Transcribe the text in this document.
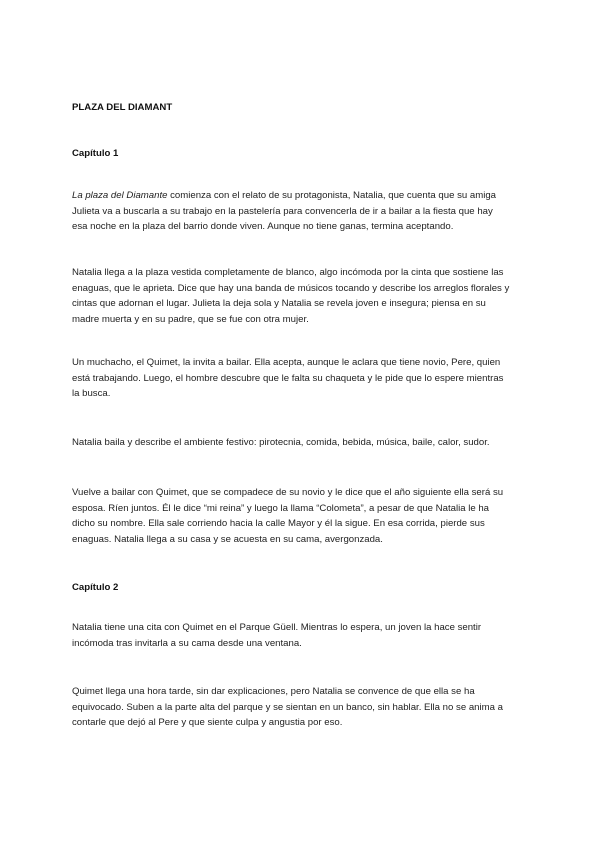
PLAZA DEL DIAMANT
Capítulo 1
La plaza del Diamante comienza con el relato de su protagonista, Natalia, que cuenta que su amiga
Julieta va a buscarla a su trabajo en la pastelería para convencerla de ir a bailar a la fiesta que hay
esa noche en la plaza del barrio donde viven. Aunque no tiene ganas, termina aceptando.
Natalia llega a la plaza vestida completamente de blanco, algo incómoda por la cinta que sostiene las
enaguas, que le aprieta. Dice que hay una banda de músicos tocando y describe los arreglos florales y
cintas que adornan el lugar. Julieta la deja sola y Natalia se revela joven e insegura; piensa en su
madre muerta y en su padre, que se fue con otra mujer.
Un muchacho, el Quimet, la invita a bailar. Ella acepta, aunque le aclara que tiene novio, Pere, quien
está trabajando. Luego, el hombre descubre que le falta su chaqueta y le pide que lo espere mientras
la busca.
Natalia baila y describe el ambiente festivo: pirotecnia, comida, bebida, música, baile, calor, sudor.
Vuelve a bailar con Quimet, que se compadece de su novio y le dice que el año siguiente ella será su
esposa. Ríen juntos. Él le dice “mi reina” y luego la llama “Colometa”, a pesar de que Natalia le ha
dicho su nombre. Ella sale corriendo hacia la calle Mayor y él la sigue. En esa corrida, pierde sus
enaguas. Natalia llega a su casa y se acuesta en su cama, avergonzada.
Capítulo 2
Natalia tiene una cita con Quimet en el Parque Güell. Mientras lo espera, un joven la hace sentir
incómoda tras invitarla a su cama desde una ventana.
Quimet llega una hora tarde, sin dar explicaciones, pero Natalia se convence de que ella se ha
equivocado. Suben a la parte alta del parque y se sientan en un banco, sin hablar. Ella no se anima a
contarle que dejó al Pere y que siente culpa y angustia por eso.
